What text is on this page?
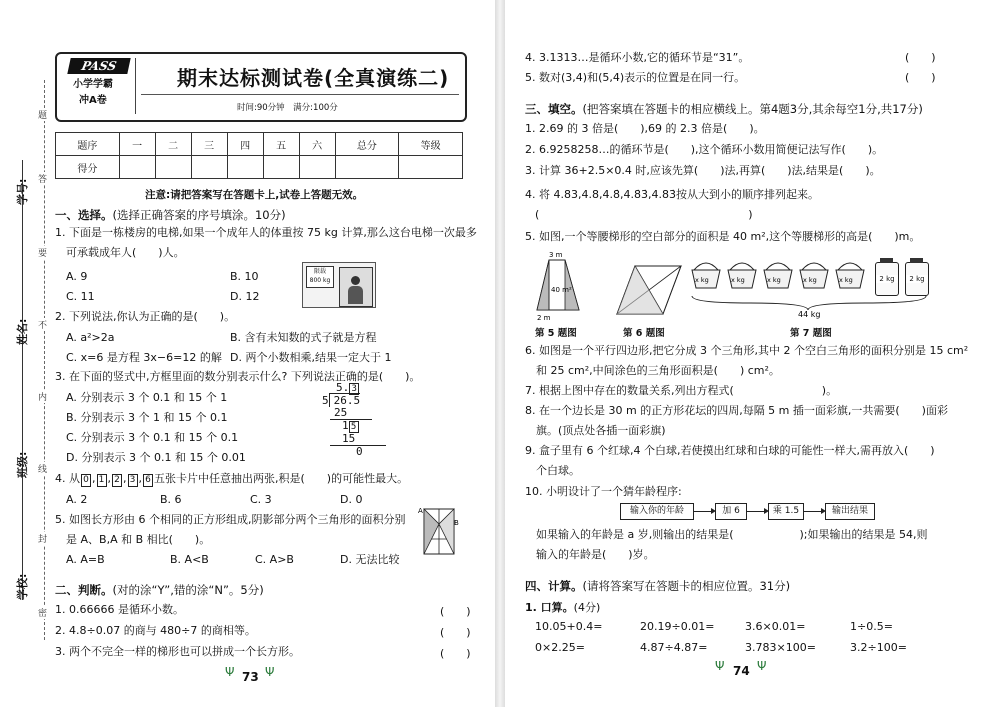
学号:
姓名:
班级:
学校:
题
答
要
不
内
线
封
密
PASS
小学学霸
冲A卷
期末达标测试卷(全真演练二)
时间:90分钟　满分:100分
题序	一	二	三	四	五	六	总分	等级
得分								
注意:请把答案写在答题卡上,试卷上答题无效。
一、选择。(选择正确答案的序号填涂。10分)
1. 下面是一栋楼房的电梯,如果一个成年人的体重按 75 kg 计算,那么这台电梯一次最多
可承载成年人(　　)人。
A. 9	B. 10
C. 11	D. 12
限载
800 kg
2. 下列说法,你认为正确的是(　　)。
A. a²>2a	B. 含有未知数的式子就是方程
C. x=6 是方程 3x−6=12 的解 D. 两个小数相乘,结果一定大于 1
3. 在下面的竖式中,方框里面的数分别表示什么? 下列说法正确的是(　　)。
A. 分别表示 3 个 0.1 和 15 个 1
B. 分别表示 3 个 1 和 15 个 0.1
C. 分别表示 3 个 0.1 和 15 个 0.1
D. 分别表示 3 个 0.1 和 15 个 0.01
5. 3
5 26.5
25
1 5
15
0
4. 从 0 , 1 , 2 , 3 , 6 五张卡片中任意抽出两张,积是(　　)的可能性最大。
A. 2	B. 6	C. 3	D. 0
5. 如图长方形由 6 个相同的正方形组成,阴影部分两个三角形的面积分别
是 A、B,A 和 B 相比(　　)。
A. A=B	B. A<B	C. A>B	D. 无法比较
A
B
二、判断。(对的涂“Y”,错的涂“N”。5分)
1. 0.66666 是循环小数。	(　　)
2. 4.8÷0.07 的商与 480÷7 的商相等。	(　　)
3. 两个不完全一样的梯形也可以拼成一个长方形。	(　　)
73
Ψ	Ψ
4. 3.1313…是循环小数,它的循环节是“31”。	(　　)
5. 数对(3,4)和(5,4)表示的位置是在同一行。	(　　)
三、填空。(把答案填在答题卡的相应横线上。第4题3分,其余每空1分,共17分)
1. 2.69 的 3 倍是(　　),69 的 2.3 倍是(　　)。
2. 6.9258258…的循环节是(　　),这个循环小数用简便记法写作(　　)。
3. 计算 36+2.5×0.4 时,应该先算(　　)法,再算(　　)法,结果是(　　)。
4. 将 4.83,4.8,4.8̇,4.8̇3̇,4.83̇按从大到小的顺序排列起来。
(　　　　　　　　　　　　　　　　　　　)
5. 如图,一个等腰梯形的空白部分的面积是 40 m²,这个等腰梯形的高是(　　)m。
3 m
40 m²
2 m
x kg	x kg	x kg	x kg	x kg	2 kg	2 kg
44 kg
第 5 题图	第 6 题图	第 7 题图
6. 如图是一个平行四边形,把它分成 3 个三角形,其中 2 个空白三角形的面积分别是 15 cm²
和 25 cm²,中间涂色的三角形面积是(　　) cm²。
7. 根据上图中存在的数量关系,列出方程式(　　　　　　　　)。
8. 在一个边长是 30 m 的正方形花坛的四周,每隔 5 m 插一面彩旗,一共需要(　　)面彩
旗。(顶点处各插一面彩旗)
9. 盒子里有 6 个红球,4 个白球,若使摸出红球和白球的可能性一样大,需再放入(　　)
个白球。
10. 小明设计了一个猜年龄程序:
输入你的年龄	加 6	乘 1.5	输出结果
如果输入的年龄是 a 岁,则输出的结果是(　　　　　　);如果输出的结果是 54,则
输入的年龄是(　　)岁。
四、计算。(请将答案写在答题卡的相应位置。31分)
1. 口算。(4分)
10.05+0.4=	20.19÷0.01=	3.6×0.01=	1÷0.5=
0×2.25=	4.87÷4.87=	3.783×100=	3.2÷100=
74
Ψ	Ψ
